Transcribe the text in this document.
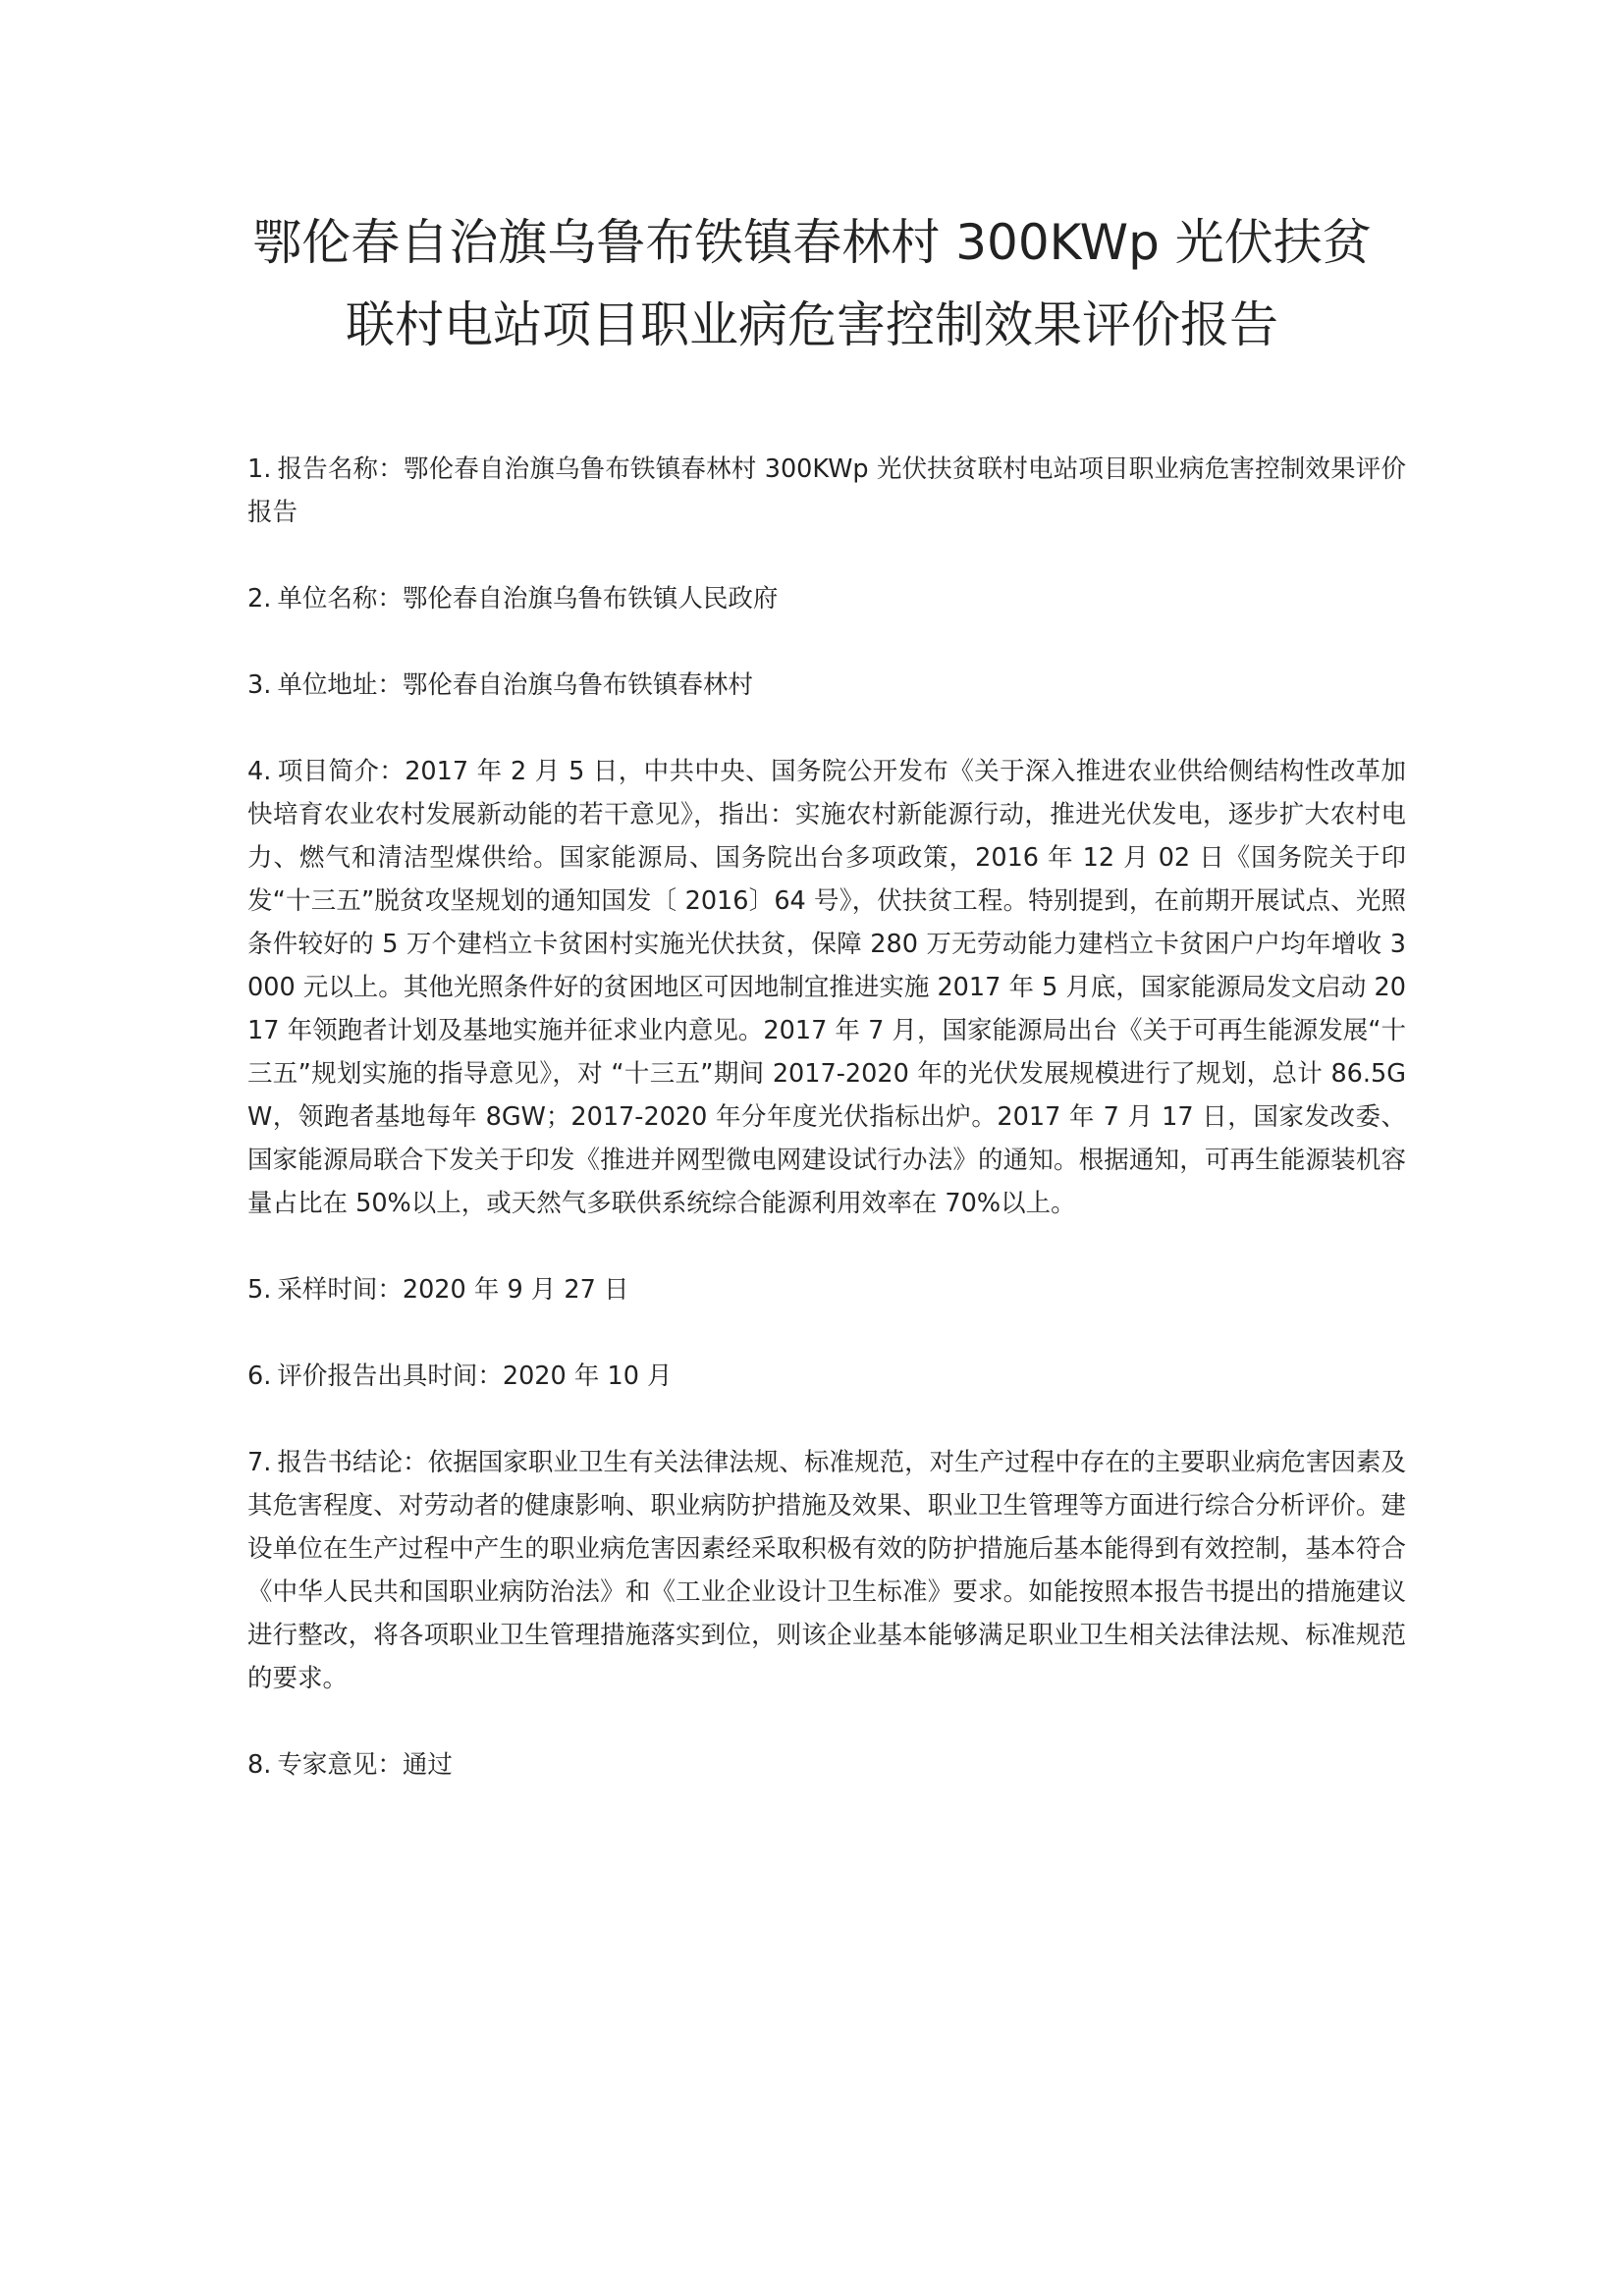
鄂伦春自治旗乌鲁布铁镇春林村 300KWp 光伏扶贫联村电站项目职业病危害控制效果评价报告

1. 报告名称：鄂伦春自治旗乌鲁布铁镇春林村 300KWp 光伏扶贫联村电站项目职业病危害控制效果评价报告

2. 单位名称：鄂伦春自治旗乌鲁布铁镇人民政府

3. 单位地址：鄂伦春自治旗乌鲁布铁镇春林村

4. 项目简介：2017 年 2 月 5 日，中共中央、国务院公开发布《关于深入推进农业供给侧结构性改革加快培育农业农村发展新动能的若干意见》，指出：实施农村新能源行动，推进光伏发电，逐步扩大农村电力、燃气和清洁型煤供给。国家能源局、国务院出台多项政策，2016 年 12 月 02 日《国务院关于印发“十三五”脱贫攻坚规划的通知国发〔 2016〕64 号》，伏扶贫工程。特别提到，在前期开展试点、光照条件较好的 5 万个建档立卡贫困村实施光伏扶贫，保障 280 万无劳动能力建档立卡贫困户户均年增收 3000 元以上。其他光照条件好的贫困地区可因地制宜推进实施 2017 年 5 月底，国家能源局发文启动 2017 年领跑者计划及基地实施并征求业内意见。2017 年 7 月，国家能源局出台《关于可再生能源发展“十三五”规划实施的指导意见》，对 “十三五”期间 2017-2020 年的光伏发展规模进行了规划，总计 86.5GW，领跑者基地每年 8GW；2017-2020 年分年度光伏指标出炉。2017 年 7 月 17 日，国家发改委、国家能源局联合下发关于印发《推进并网型微电网建设试行办法》的通知。根据通知，可再生能源装机容量占比在 50%以上，或天然气多联供系统综合能源利用效率在 70%以上。

5. 采样时间：2020 年 9 月 27 日

6. 评价报告出具时间：2020 年 10 月

7. 报告书结论：依据国家职业卫生有关法律法规、标准规范，对生产过程中存在的主要职业病危害因素及其危害程度、对劳动者的健康影响、职业病防护措施及效果、职业卫生管理等方面进行综合分析评价。建设单位在生产过程中产生的职业病危害因素经采取积极有效的防护措施后基本能得到有效控制，基本符合《中华人民共和国职业病防治法》和《工业企业设计卫生标准》要求。如能按照本报告书提出的措施建议进行整改，将各项职业卫生管理措施落实到位，则该企业基本能够满足职业卫生相关法律法规、标准规范的要求。

8. 专家意见：通过
